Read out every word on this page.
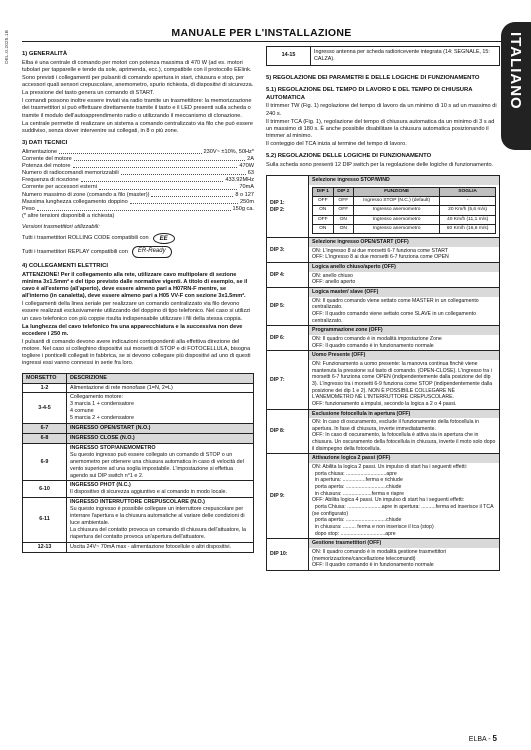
DEL.0.2025.1B	MANUALE PER L'INSTALLAZIONE	ITALIANO
1) GENERALITÀ

Elba è una centrale di comando per motori con potenza massima di 470 W (ad es. motori tubolari per tapparelle e tende da sole, aprimenda, ecc.), compatibile con il protocollo EElink.

Sono previsti i collegamenti per pulsanti di comando apertura in start, chiusura e stop, per accessori quali sensori crepuscolare, anemometro, spurio richiesta, di dispositivi di sicurezza.

La pressione del tasto genera un comando di START.

I comandi possono inoltre essere inviati via radio tramite un trasmettitore: la memorizzazione dei trasmettitori si può effettuare direttamente tramite il tasto e il LED presenti sulla scheda o tramite il modulo dell'autoapprendimento radio o utilizzando il meccanismo di clonazione.

La centrale permette di realizzare un sistema a comando centralizzato via filo che può essere suddiviso, senza dover intervenire sui collegati, in 8 o più zone.

3) DATI TECNICI
Alimentazione	230V~ ±10%, 50Hz*
Corrente del motore	2A
Potenza del motore	470W
Numero di radiocomandi memorizzabili	63
Frequenza di ricezione	433.92MHz
Corrente per accessori esterni	70mA
Numero massimo di zone (comando a filo (master))	8 o 127
Massima lunghezza collegamento doppino	250m
Peso	150g ca.

(* altre tensioni disponibili a richiesta)

Versioni trasmettitori utilizzabili:

Tutti i trasmettitori ROLLING CODE compatibili con	EE
Tutti i trasmettitori REPLAY compatibili con	ER-Ready
4) COLLEGAMENTI ELETTRICI

ATTENZIONE! Per il collegamento alla rete, utilizzare cavo multipolare di sezione minima 3x1.5mm² e del tipo previsto dalle normative vigenti. A titolo di esempio, se il cavo è all'esterno (all'aperto), deve essere almeno pari a H07RN-F mentre, se all'interno (in canaletta), deve essere almeno pari a H05 VV-F con sezione 3x1.5mm².

I collegamenti della linea seriale per realizzare un comando centralizzato via filo devono essere realizzati esclusivamente utilizzando del doppino di tipo telefonico. Nel caso si utilizzi un cavo telefonico con più coppie risulta indispensabile utilizzare i fili della stessa coppia.

La lunghezza del cavo telefonico fra una apparecchiatura e la successiva non deve eccedere i 250 m.

I pulsanti di comando devono avere indicazioni corrispondenti alla effettiva direzione del motore. Nel caso si colleghino dispositivi sui morsetti di STOP e di FOTOCELLULA, bisogna togliere i ponticelli collegati in fabbrica, se si devono collegare più dispositivi ad uno di questi ingressi essi vanno connessi in serie fra loro.

MORSETTO	DESCRIZIONE
1-2	Alimentazione di rete monofase (1=N, 2=L)

3-4-5	Collegamento motore:
3 marcia 1 + condensatore
4 comune
5 marcia 2 + condensatore

6-7	INGRESSO OPEN/START (N.O.)

6-8	INGRESSO CLOSE (N.O.)

6-9	INGRESSO STOP/ANEMOMETRO
Su questo ingresso può essere collegato un comando di STOP o un anemometro per ottenere una chiusura automatica in caso di velocità del vento superiore ad una soglia impostabile. L'impostazione si effettua agendo sui DIP switch n°1 e 2.

6-10	INGRESSO PHOT (N.C.)
Il dispositivo di sicurezza aggiuntivo e al comando in modo locale.

6-11	INGRESSO INTERRUTTORE CREPUSCOLARE (N.O.)
Su questo ingresso è possibile collegare un interruttore crepuscolare per interrare l'apertura e la chiusura automatiche al variare delle condizioni di luce ambientale.
La chiusura del contatto provoca un comando di chiusura dell'attuatore, la riapertura del contatto provoca un'apertura dell'attuatore.

12-13	Uscita 24V~ 70mA max - alimentazione fotocellule o altri dispositivi.
14-15	Ingresso antenna per scheda radioricevente integrata (14: SEGNALE, 15: CALZA).
5) REGOLAZIONE DEI PARAMETRI E DELLE LOGICHE DI FUNZIONAMENTO
5.1) REGOLAZIONE DEL TEMPO DI LAVORO E DEL TEMPO DI CHIUSURA AUTOMATICA

Il trimmer TW (Fig. 1) regolazione del tempo di lavoro da un minimo di 10 s ad un massimo di 240 s.

Il trimmer TCA (Fig. 1), regolazione del tempo di chiusura automatica da un minimo di 3 s ad un massimo di 180 s. È anche possibile disabilitare la chiusura automatica posizionando il trimmer al minimo.

Il conteggio del TCA inizia al termine del tempo di lavoro.

5.2) REGOLAZIONE DELLE LOGICHE DI FUNZIONAMENTO

Sulla scheda sono presenti 12 DIP switch per la regolazione delle logiche di funzionamento.

DIP 1:
DIP 2:	
Selezione ingresso STOP/WIND
DIP 1	DIP 2	FUNZIONE	SOGLIA
OFF	OFF	Ingresso STOP (N.C.) (default)	-
ON	OFF	Ingresso anemometro	20 Km/h (5,6 m/s)
OFF	ON	Ingresso anemometro	40 Km/h (11,1 m/s)
ON	ON	Ingresso anemometro	60 Km/h (16,6 m/s)

DIP 3:	
Selezione ingresso OPEN/START (OFF)
ON: L'ingresso 8 ai due morsetti 6-7 funziona come START
OFF: L'ingresso 8 ai due morsetti 6-7 funziona come OPEN

DIP 4:	
Logica anello chiuso/aperto (OFF)
ON: anello chiuso
OFF: anello aperto

DIP 5:	
Logica master/ slave (OFF)
ON: Il quadro comando viene settato come MASTER in un collegamento centralizzato.
OFF: Il quadro comando viene settato come SLAVE in un collegamento centralizzato.

DIP 6:	
Programmazione zone (OFF)
ON: Il quadro comando è in modalità impostazione Zone
OFF: Il quadro comando è in funzionamento normale

DIP 7:	
Uomo Presente (OFF)
ON: Funzionamento a uomo presente: la manovra continua finchè viene mantenuta la pressione sul tasto di comando. (OPEN-CLOSE). L'ingresso tra i morsetti 6-7 funziona come OPEN (indipendentemente dalla posizione del dip 3). L'ingresso tra i morsetti 6-9 funziona come STOP (indipendentemente dalla posizione dei dip 1 e 2). NON È POSSIBILE COLLEGARE NÈ L'ANEMOMETRO NÈ L'INTERRUTTORE CREPUSCOLARE.
OFF: funzionamento a impulsi, secondo la logica a 2 o 4 passi.

DIP 8:	
Esclusione fotocellula in apertura (OFF)
ON: In caso di oscuramento, esclude il funzionamento della fotocellula in apertura. In fase di chiusura, inverte immediatamente.
OFF: In caso di oscuramento, la fotocellula è attiva sia in apertura che in chiusura. Un oscuramento della fotocellula in chiusura, inverte il moto solo dopo il disimpegno della fotocellula.

DIP 9:	
Attivazione logica 2 passi (OFF)
ON: Abilita la logica 2 passi. Un impulso di start ha i seguenti effetti:
porta chiusa: ............................apre
in apertura: ................ferma e richiude
porta aperta: ............................chiude
in chiusura: ....................ferma e riapre
OFF: Abilita logica 4 passi. Un impulso di start ha i seguenti effetti:
porta Chiusa: ........................apre in apertura: ..........ferma ed inserisce il TCA (se configurato)
porta aperta: ............................chiude
in chiusura: ......... ferma e non inserisce il tca (stop)
dopo stop: ...............................apre

DIP 10:	
Gestione trasmettitori (OFF)
ON: Il quadro comando è in modalità gestione trasmettitori (memorizzazione/cancellazione telecomandi)
OFF: Il quadro comando è in funzionamento normale
ELBA - 5
